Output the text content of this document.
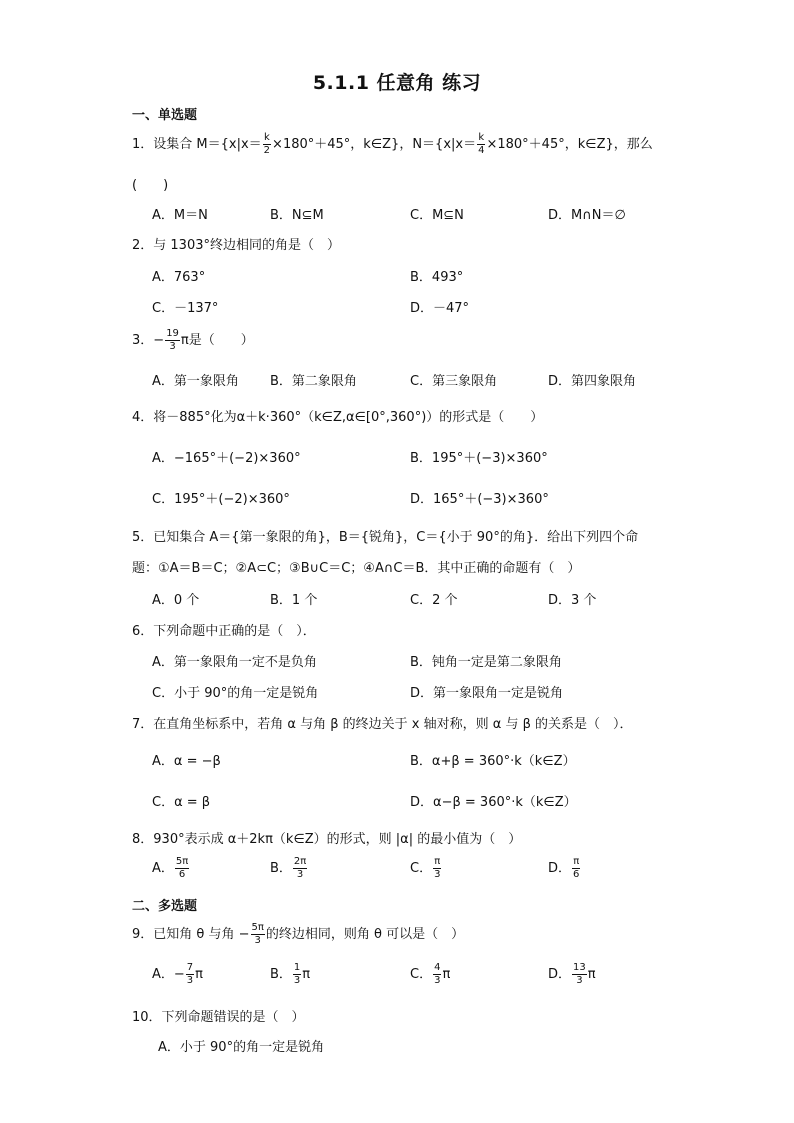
5.1.1 任意角 练习
一、单选题
1．设集合 $M=\{x|x= \frac{k}{2} \times 180^\circ+45^\circ$，k∈Z}，$N=\{x|x= \frac{k}{4} \times 180^\circ+45^\circ$，k∈Z}，那么
(　　)
A．M＝N	B．N⊆M	C．M⊆N	D．M∩N＝∅
2．与 1303°终边相同的角是（　）
A．763°	B．493°
C．－137°	D．－47°
3．− $\frac{19}{3}$ π是（　　）
A．第一象限角 B．第二象限角	C．第三象限角	D．第四象限角
4．将－885°化为α＋k·360°（k∈Z,α∈[0°,360°)）的形式是（　　）
A．−165°＋(−2)×360°	B．195°＋(−3)×360°
C．195°＋(−2)×360°	D．165°＋(−3)×360°
5．已知集合 A＝{第一象限的角}，B＝{锐角}，C＝{小于 90°的角}．给出下列四个命
题：①A＝B＝C；②A⊂C；③B∪C＝C；④A∩C＝B．其中正确的命题有（　）
A．0 个	B．1 个	C．2 个	D．3 个
6．下列命题中正确的是（　）．
A．第一象限角一定不是负角	B．钝角一定是第二象限角
C．小于 90°的角一定是锐角	D．第一象限角一定是锐角
7．在直角坐标系中，若角 α 与角 β 的终边关于 x 轴对称，则 α 与 β 的关系是（　）．
A．α = −β	B．α+β = 360°·k（k∈Z）
C．α = β	D．α−β = 360°·k（k∈Z）
8．930°表示成 α＋2kπ（k∈Z）的形式，则 |α| 的最小值为（　）
A． $\frac{5\pi}{6}$	B． $\frac{2\pi}{3}$	C． $\frac{\pi}{3}$	D． $\frac{\pi}{6}$
二、多选题
9．已知角 θ 与角 − $\frac{5\pi}{3}$ 的终边相同，则角 θ 可以是（　）
A．− $\frac{7}{3}$ π	B． $\frac{1}{3}$ π	C． $\frac{4}{3}$ π	D． $\frac{13}{3}$ π
10．下列命题错误的是（　）
A．小于 90°的角一定是锐角
